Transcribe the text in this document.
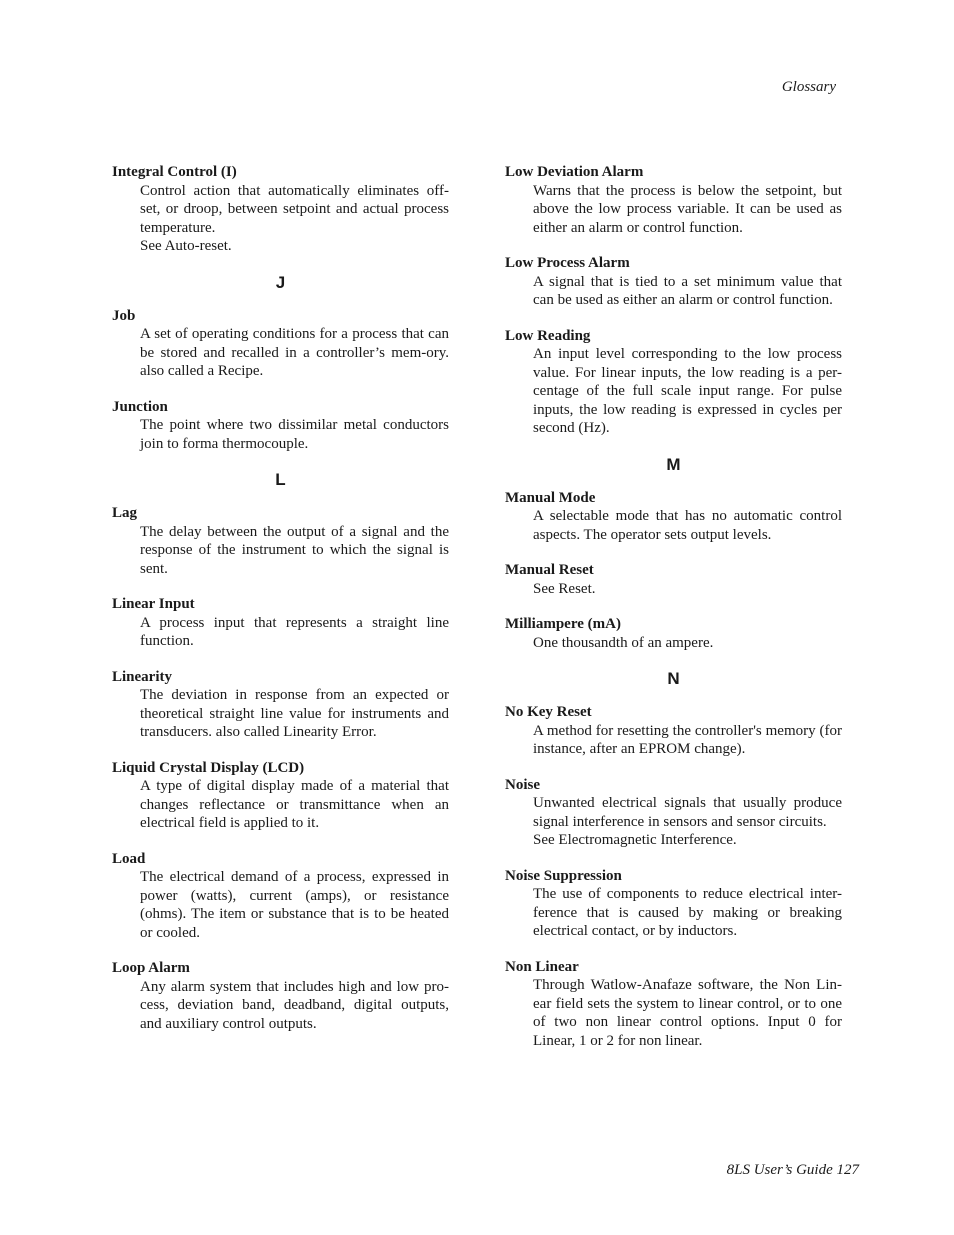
Glossary
Integral Control (I)

Control action that automatically eliminates off-set, or droop, between setpoint and actual process temperature.

See Auto-reset.

J
Job

A set of operating conditions for a process that can be stored and recalled in a controller’s mem-ory. also called a Recipe.

Junction

The point where two dissimilar metal conductors join to forma thermocouple.

L
Lag

The delay between the output of a signal and the response of the instrument to which the signal is sent.

Linear Input

A process input that represents a straight line function.

Linearity

The deviation in response from an expected or theoretical straight line value for instruments and transducers. also called Linearity Error.

Liquid Crystal Display (LCD)

A type of digital display made of a material that changes reflectance or transmittance when an electrical field is applied to it.

Load

The electrical demand of a process, expressed in power (watts), current (amps), or resistance (ohms). The item or substance that is to be heated or cooled.

Loop Alarm

Any alarm system that includes high and low pro-cess, deviation band, deadband, digital outputs, and auxiliary control outputs.

Low Deviation Alarm

Warns that the process is below the setpoint, but above the low process variable. It can be used as either an alarm or control function.

Low Process Alarm

A signal that is tied to a set minimum value that can be used as either an alarm or control function.

Low Reading

An input level corresponding to the low process value. For linear inputs, the low reading is a per-centage of the full scale input range. For pulse inputs, the low reading is expressed in cycles per second (Hz).

M
Manual Mode

A selectable mode that has no automatic control aspects. The operator sets output levels.

Manual Reset

See Reset.

Milliampere (mA)

One thousandth of an ampere.

N
No Key Reset

A method for resetting the controller's memory (for instance, after an EPROM change).

Noise

Unwanted electrical signals that usually produce signal interference in sensors and sensor circuits.

See Electromagnetic Interference.

Noise Suppression

The use of components to reduce electrical inter-ference that is caused by making or breaking electrical contact, or by inductors.

Non Linear

Through Watlow-Anafaze software, the Non Lin-ear field sets the system to linear control, or to one of two non linear control options. Input 0 for Linear, 1 or 2 for non linear.

8LS User’s Guide 127
